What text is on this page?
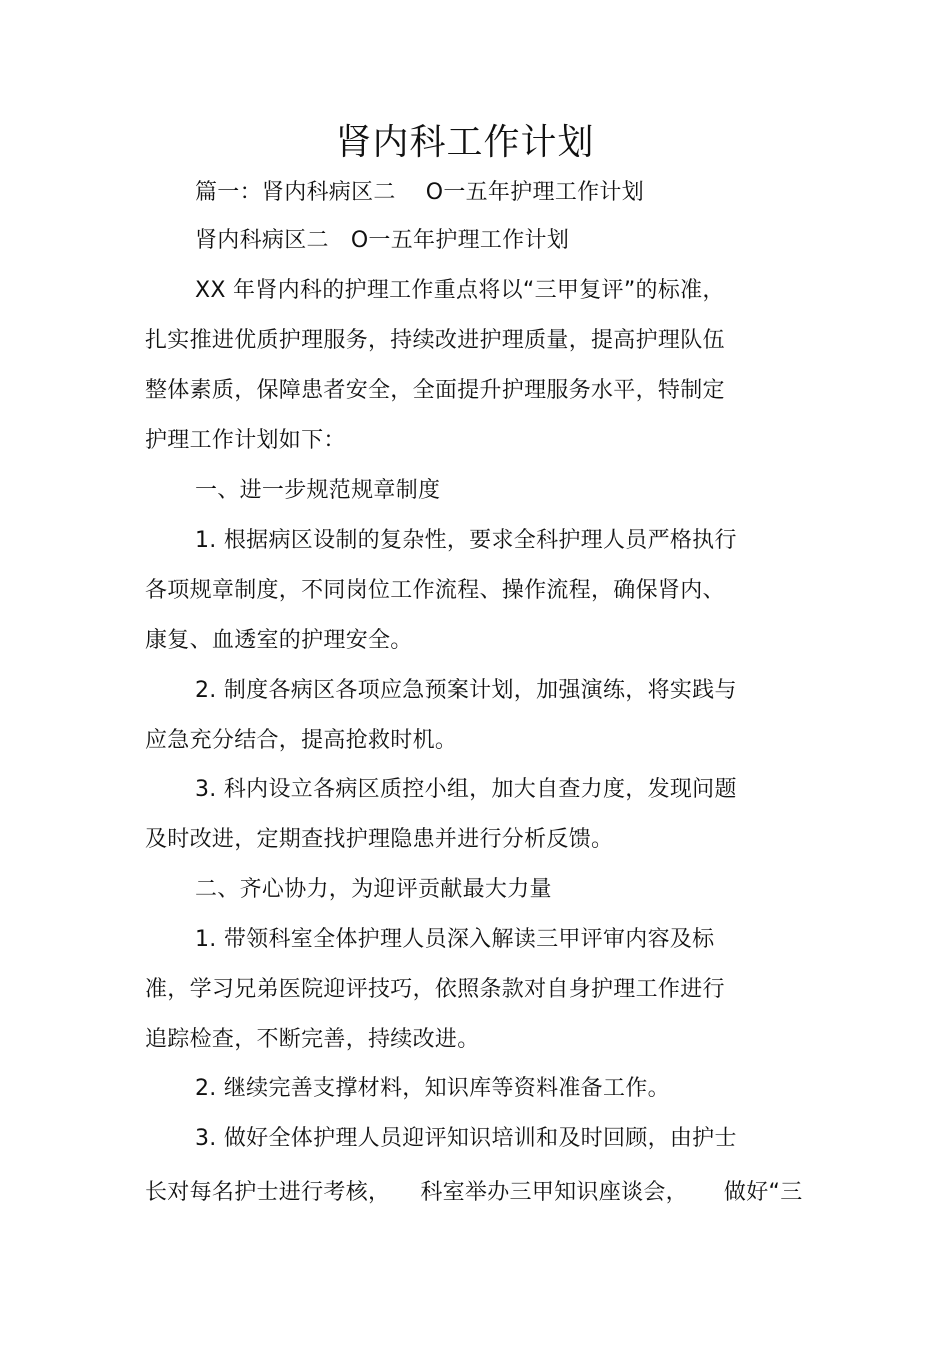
肾内科工作计划
篇一：肾内科病区二 O一五年护理工作计划
肾内科病区二 O一五年护理工作计划
XX 年肾内科的护理工作重点将以“三甲复评”的标准，
扎实推进优质护理服务，持续改进护理质量，提高护理队伍
整体素质，保障患者安全，全面提升护理服务水平，特制定
护理工作计划如下：
一、进一步规范规章制度
1. 根据病区设制的复杂性，要求全科护理人员严格执行
各项规章制度，不同岗位工作流程、操作流程，确保肾内、
康复、血透室的护理安全。
2. 制度各病区各项应急预案计划，加强演练，将实践与
应急充分结合，提高抢救时机。
3. 科内设立各病区质控小组，加大自查力度，发现问题
及时改进，定期查找护理隐患并进行分析反馈。
二、齐心协力，为迎评贡献最大力量
1. 带领科室全体护理人员深入解读三甲评审内容及标
准，学习兄弟医院迎评技巧，依照条款对自身护理工作进行
追踪检查，不断完善，持续改进。
2. 继续完善支撑材料，知识库等资料准备工作。
3. 做好全体护理人员迎评知识培训和及时回顾，由护士
长对每名护士进行考核， 科室举办三甲知识座谈会， 做好“三
